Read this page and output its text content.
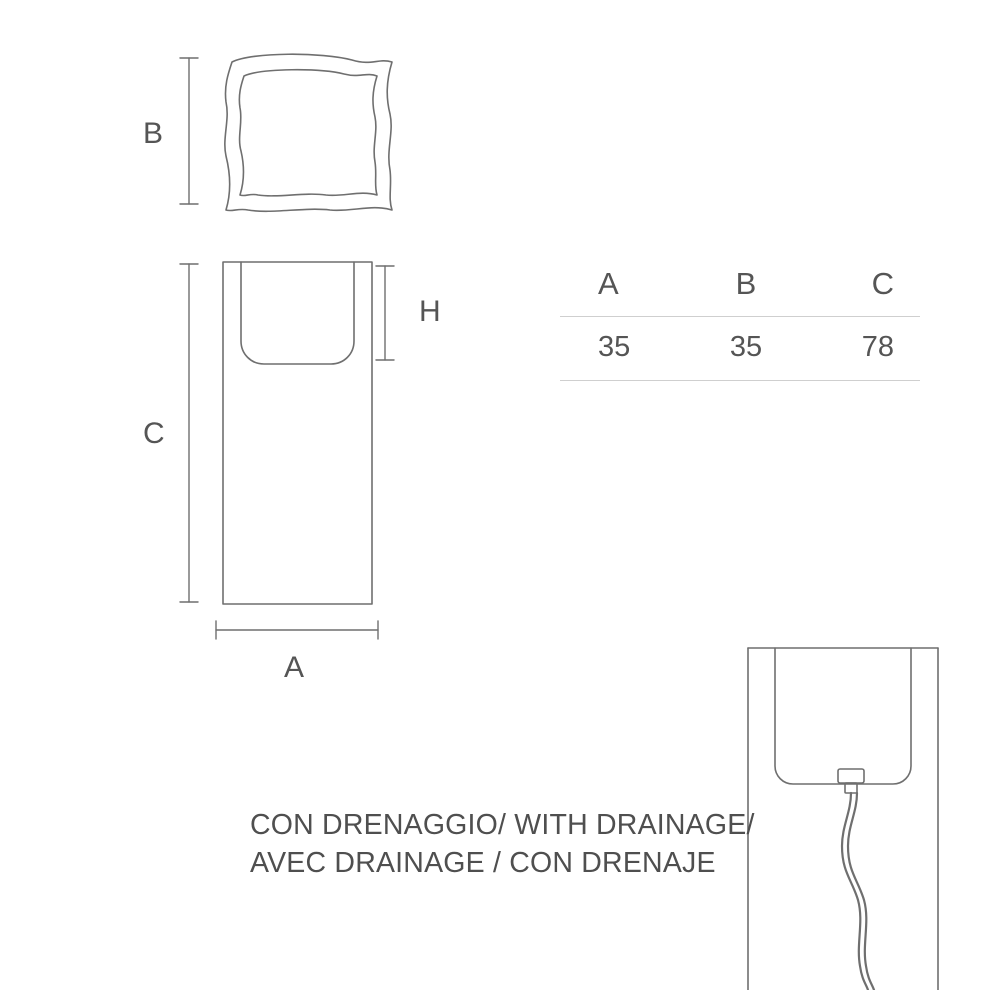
B
H
C
A
A	B	C
35	35	78
CON DRENAGGIO/ WITH DRAINAGE/
AVEC DRAINAGE / CON DRENAJE
